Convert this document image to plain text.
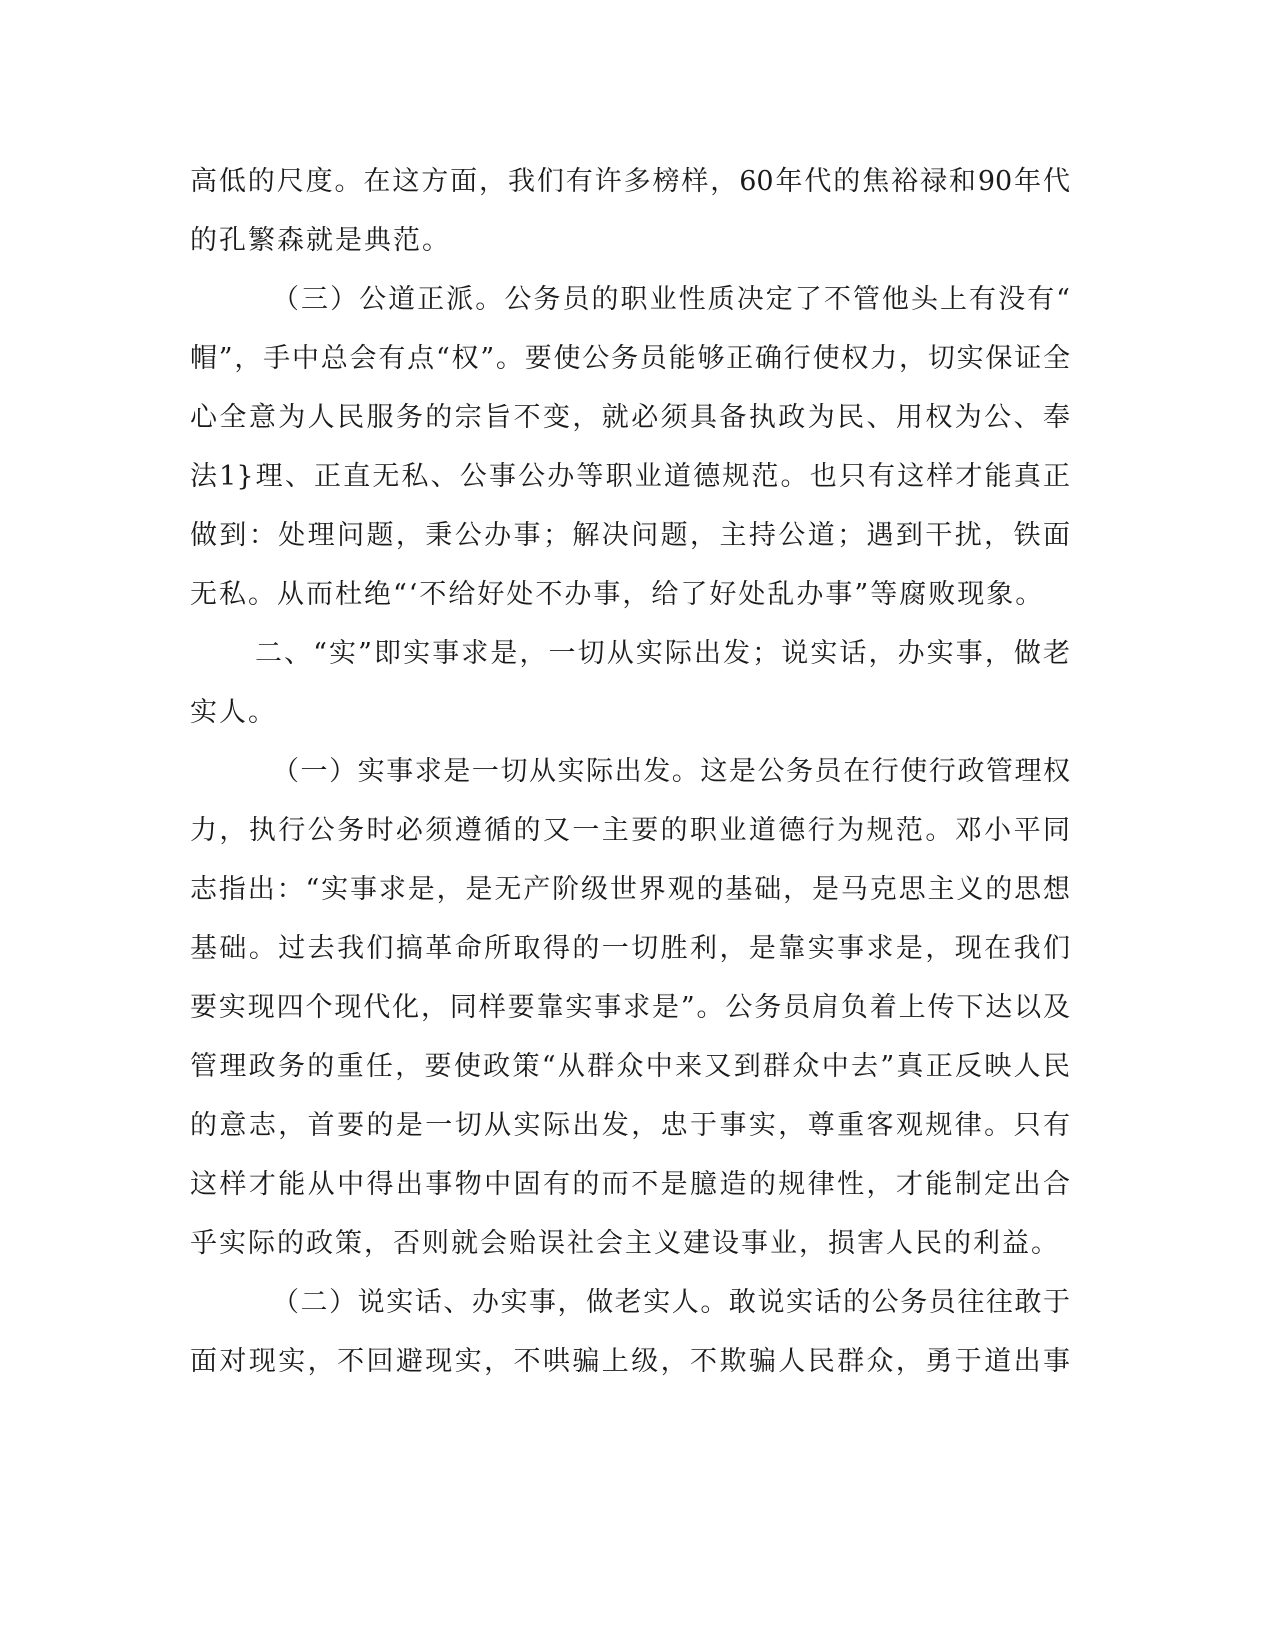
高低的尺度。在这方面，我们有许多榜样，60年代的焦裕禄和90年代
的孔繁森就是典范。
（三）公道正派。公务员的职业性质决定了不管他头上有没有“
帽”，手中总会有点“权”。要使公务员能够正确行使权力，切实保证全
心全意为人民服务的宗旨不变，就必须具备执政为民、用权为公、奉
法1}理、正直无私、公事公办等职业道德规范。也只有这样才能真正
做到：处理问题，秉公办事；解决问题，主持公道；遇到干扰，铁面
无私。从而杜绝“‘不给好处不办事，给了好处乱办事”等腐败现象。
二、“实”即实事求是，一切从实际出发；说实话，办实事，做老
实人。
（一）实事求是一切从实际出发。这是公务员在行使行政管理权
力，执行公务时必须遵循的又一主要的职业道德行为规范。邓小平同
志指出：“实事求是，是无产阶级世界观的基础，是马克思主义的思想
基础。过去我们搞革命所取得的一切胜利，是靠实事求是，现在我们
要实现四个现代化，同样要靠实事求是”。公务员肩负着上传下达以及
管理政务的重任，要使政策“从群众中来又到群众中去”真正反映人民
的意志，首要的是一切从实际出发，忠于事实，尊重客观规律。只有
这样才能从中得出事物中固有的而不是臆造的规律性，才能制定出合
乎实际的政策，否则就会贻误社会主义建设事业，损害人民的利益。
（二）说实话、办实事，做老实人。敢说实话的公务员往往敢于
面对现实，不回避现实，不哄骗上级，不欺骗人民群众，勇于道出事
